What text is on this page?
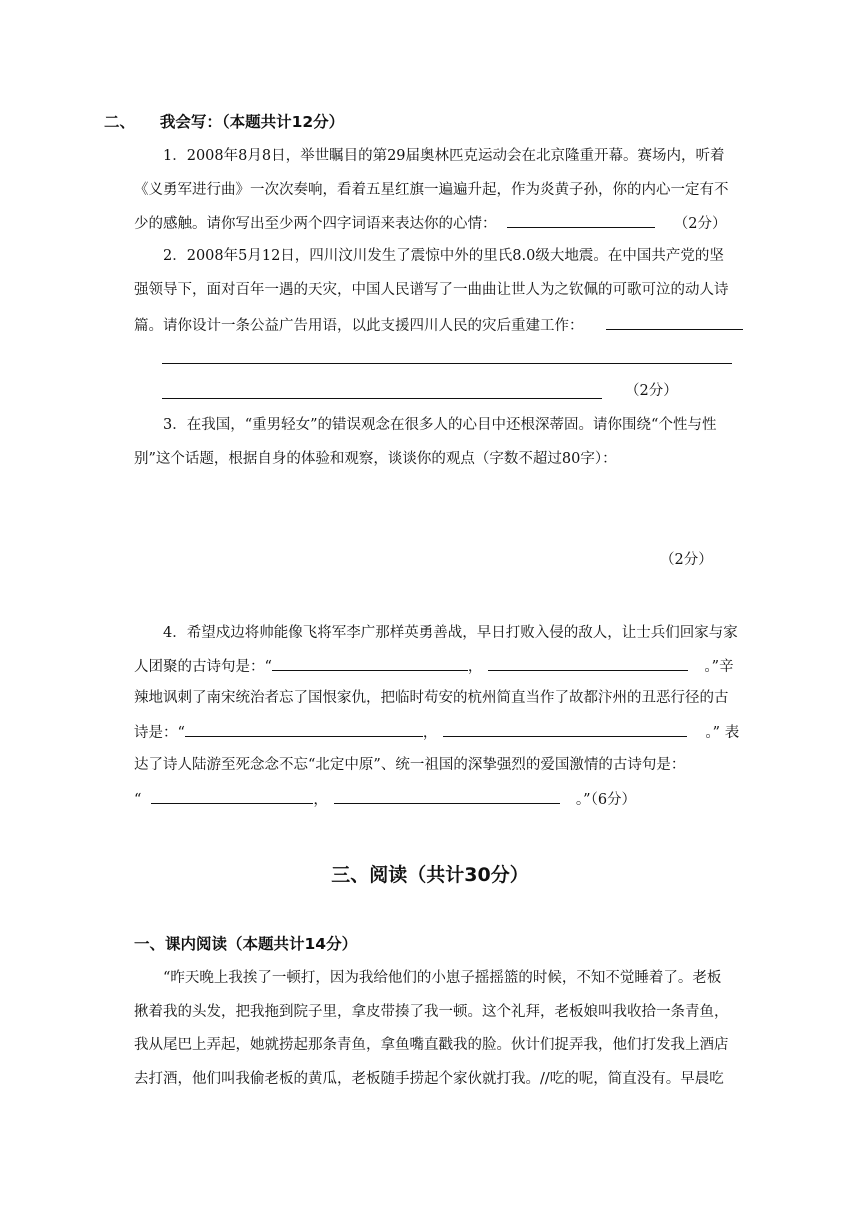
二、 我会写：（本题共计12分）
1．2008年8月8日，举世瞩目的第29届奥林匹克运动会在北京隆重开幕。赛场内，听着
《义勇军进行曲》一次次奏响，看着五星红旗一遍遍升起，作为炎黄子孙，你的内心一定有不
少的感触。请你写出至少两个四字词语来表达你的心情：	（2分）
2．2008年5月12日，四川汶川发生了震惊中外的里氏8.0级大地震。在中国共产党的坚
强领导下，面对百年一遇的天灾，中国人民谱写了一曲曲让世人为之钦佩的可歌可泣的动人诗
篇。请你设计一条公益广告用语，以此支援四川人民的灾后重建工作：
（2分）
3．在我国，“重男轻女”的错误观念在很多人的心目中还根深蒂固。请你围绕“个性与性
别”这个话题，根据自身的体验和观察，谈谈你的观点（字数不超过80字）：
（2分）
4．希望戍边将帅能像飞将军李广那样英勇善战，早日打败入侵的敌人，让士兵们回家与家
人团聚的古诗句是：“	，	。”辛
辣地讽刺了南宋统治者忘了国恨家仇，把临时苟安的杭州简直当作了故都汴州的丑恶行径的古
诗是：“	，	。” 表
达了诗人陆游至死念念不忘“北定中原”、统一祖国的深挚强烈的爱国激情的古诗句是：
“	，	。”（6分）
三、阅读（共计30分）
一、课内阅读（本题共计14分）
“昨天晚上我挨了一顿打，因为我给他们的小崽子摇摇篮的时候，不知不觉睡着了。老板
揪着我的头发，把我拖到院子里，拿皮带揍了我一顿。这个礼拜，老板娘叫我收拾一条青鱼，
我从尾巴上弄起，她就捞起那条青鱼，拿鱼嘴直戳我的脸。伙计们捉弄我，他们打发我上酒店
去打酒，他们叫我偷老板的黄瓜，老板随手捞起个家伙就打我。//吃的呢，简直没有。早晨吃
